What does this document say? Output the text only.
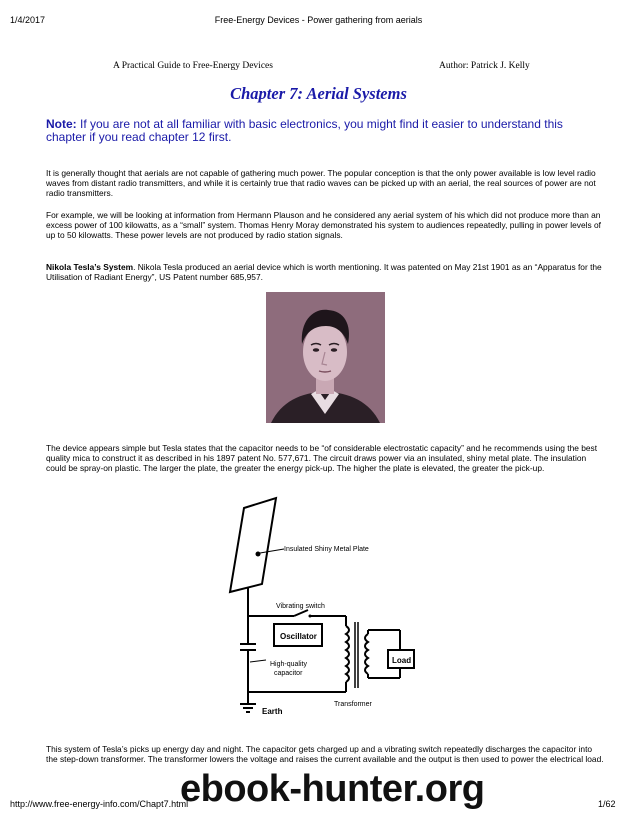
1/4/2017	Free-Energy Devices - Power gathering from aerials
A Practical Guide to Free-Energy Devices	Author: Patrick J. Kelly
Chapter 7: Aerial Systems
Note: If you are not at all familiar with basic electronics, you might find it easier to understand this chapter if you read chapter 12 first.
It is generally thought that aerials are not capable of gathering much power. The popular conception is that the only power available is low level radio waves from distant radio transmitters, and while it is certainly true that radio waves can be picked up with an aerial, the real sources of power are not radio transmitters.
For example, we will be looking at information from Hermann Plauson and he considered any aerial system of his which did not produce more than an excess power of 100 kilowatts, as a “small” system. Thomas Henry Moray demonstrated his system to audiences repeatedly, pulling in power levels of up to 50 kilowatts. These power levels are not produced by radio station signals.
Nikola Tesla’s System. Nikola Tesla produced an aerial device which is worth mentioning. It was patented on May 21st 1901 as an “Apparatus for the Utilisation of Radiant Energy”, US Patent number 685,957.
The device appears simple but Tesla states that the capacitor needs to be “of considerable electrostatic capacity” and he recommends using the best quality mica to construct it as described in his 1897 patent No. 577,671. The circuit draws power via an insulated, shiny metal plate. The insulation could be spray-on plastic. The larger the plate, the greater the energy pick-up. The higher the plate is elevated, the greater the pick-up.
Insulated Shiny Metal Plate
High-quality
capacitor
Earth
Vibrating switch
Oscillator
Load
Transformer
This system of Tesla’s picks up energy day and night. The capacitor gets charged up and a vibrating switch repeatedly discharges the capacitor into the step-down transformer. The transformer lowers the voltage and raises the current available and the output is then used to power the electrical load.
ebook-hunter.org
http://www.free-energy-info.com/Chapt7.html	1/62
